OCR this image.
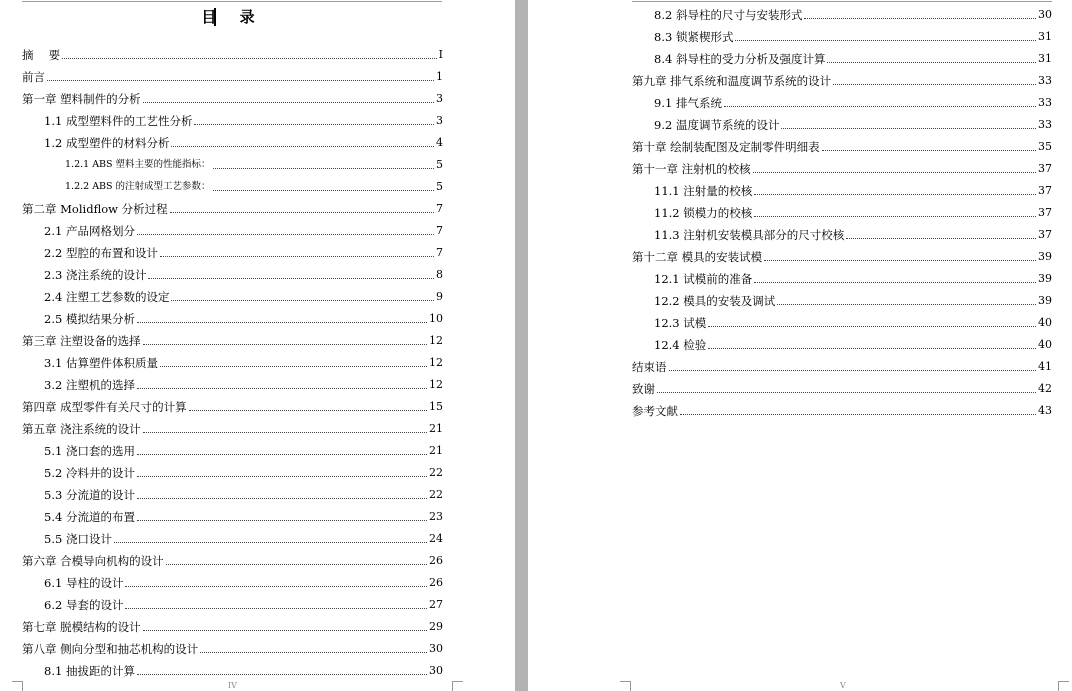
目 录
摘　 要	I
前言	1
第一章 塑料制件的分析	3
1.1 成型塑料件的工艺性分析	3
1.2 成型塑件的材料分析	4
1.2.1 ABS 塑料主要的性能指标：	5
1.2.2 ABS 的注射成型工艺参数：	5
第二章 Molidflow 分析过程	7
2.1 产品网格划分	7
2.2 型腔的布置和设计	7
2.3 浇注系统的设计	8
2.4 注塑工艺参数的设定	9
2.5 模拟结果分析	10
第三章 注塑设备的选择	12
3.1 估算塑件体积质量	12
3.2 注塑机的选择	12
第四章 成型零件有关尺寸的计算	15
第五章 浇注系统的设计	21
5.1 浇口套的选用	21
5.2 冷料井的设计	22
5.3 分流道的设计	22
5.4 分流道的布置	23
5.5 浇口设计	24
第六章 合模导向机构的设计	26
6.1 导柱的设计	26
6.2 导套的设计	27
第七章 脱模结构的设计	29
第八章 侧向分型和抽芯机构的设计	30
8.1 抽拔距的计算	30
IV
8.2 斜导柱的尺寸与安装形式	30
8.3 锁紧楔形式	31
8.4 斜导柱的受力分析及强度计算	31
第九章 排气系统和温度调节系统的设计	33
9.1 排气系统	33
9.2 温度调节系统的设计	33
第十章 绘制装配图及定制零件明细表	35
第十一章 注射机的校核	37
11.1 注射量的校核	37
11.2 锁模力的校核	37
11.3 注射机安装模具部分的尺寸校核	37
第十二章 模具的安装试模	39
12.1 试模前的准备	39
12.2 模具的安装及调试	39
12.3 试模	40
12.4 检验	40
结束语	41
致谢	42
参考文献	43
V
